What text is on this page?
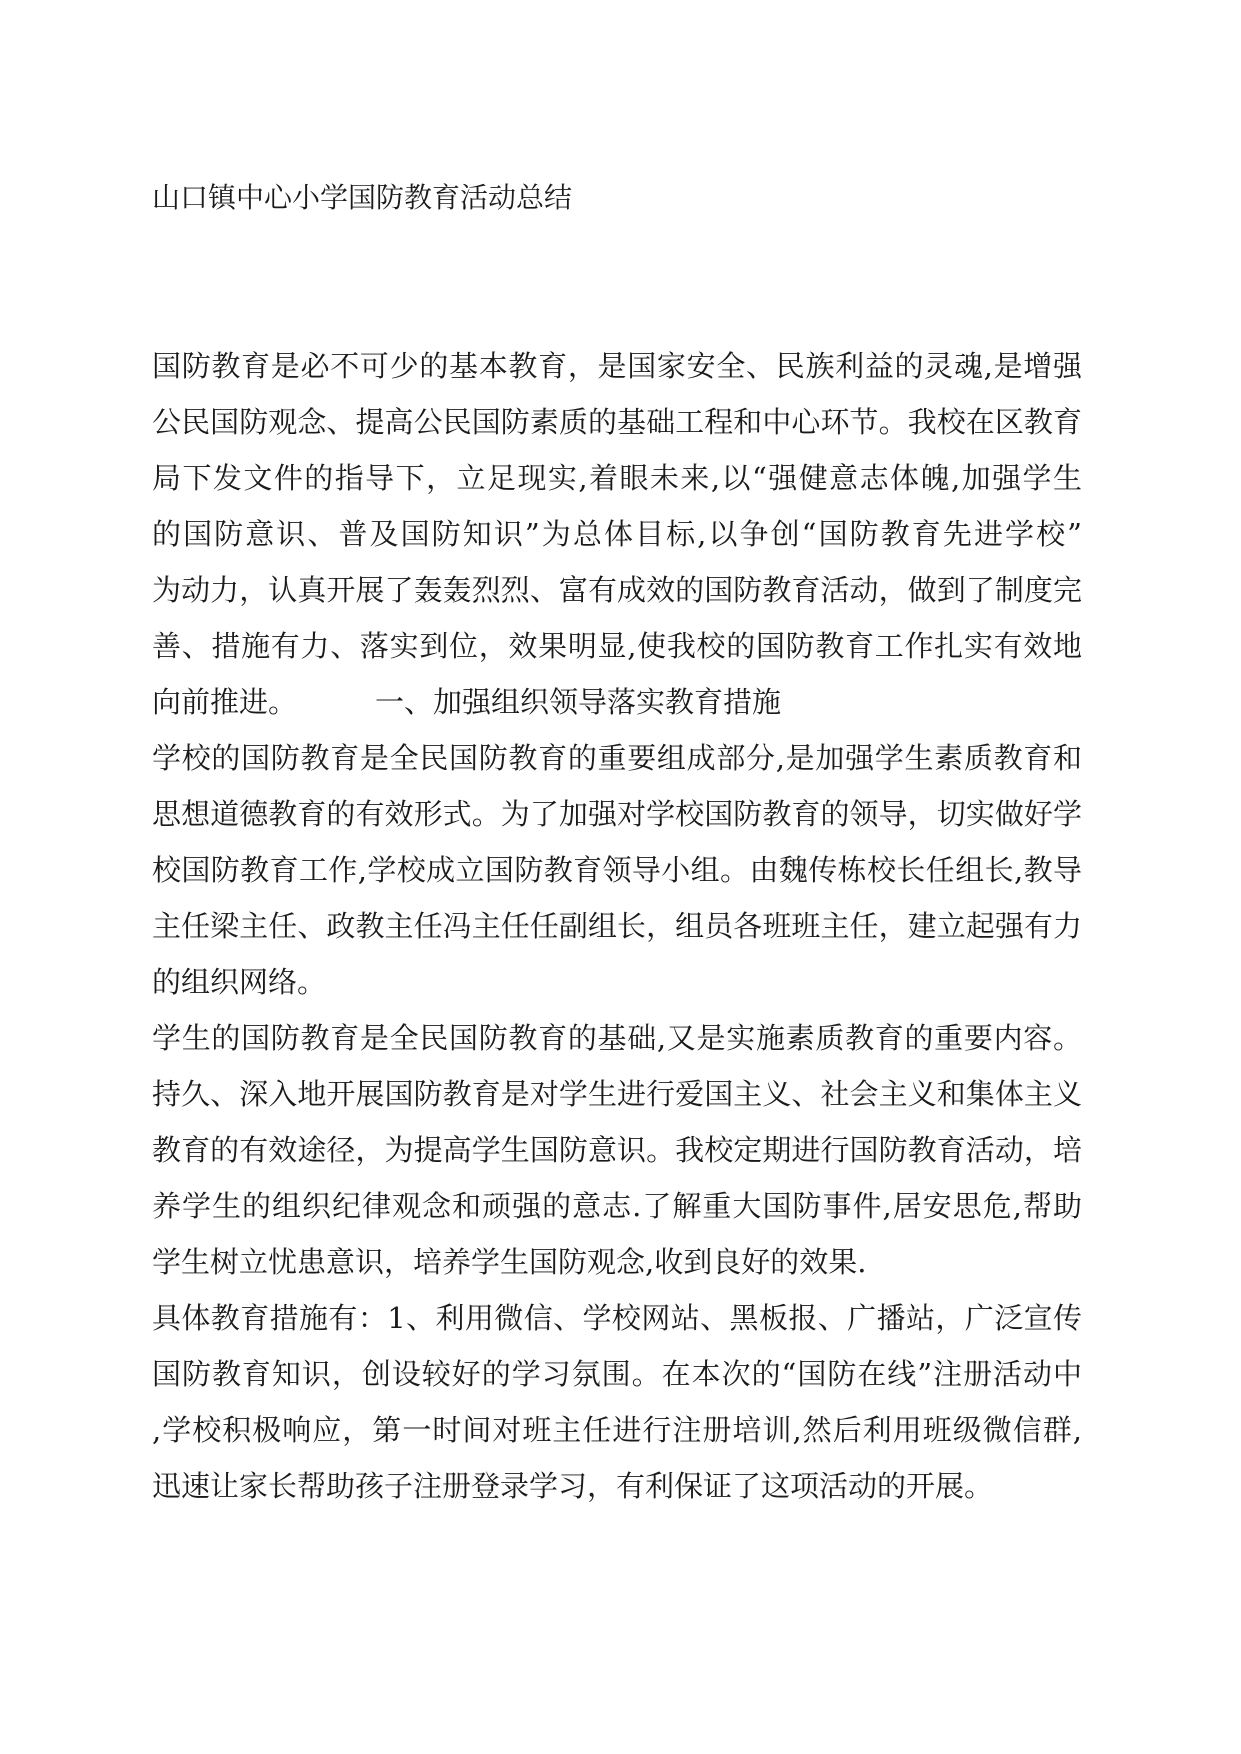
山口镇中心小学国防教育活动总结
国防教育是必不可少的基本教育，是国家安全、民族利益的灵魂,是增强
公民国防观念、提高公民国防素质的基础工程和中心环节。我校在区教育
局下发文件的指导下，立足现实,着眼未来,以“强健意志体魄,加强学生
的国防意识、普及国防知识”为总体目标,以争创“国防教育先进学校”
为动力，认真开展了轰轰烈烈、富有成效的国防教育活动，做到了制度完
善、措施有力、落实到位，效果明显,使我校的国防教育工作扎实有效地
向前推进。	一、加强组织领导落实教育措施
学校的国防教育是全民国防教育的重要组成部分,是加强学生素质教育和
思想道德教育的有效形式。为了加强对学校国防教育的领导，切实做好学
校国防教育工作,学校成立国防教育领导小组。由魏传栋校长任组长,教导
主任梁主任、政教主任冯主任任副组长，组员各班班主任，建立起强有力
的组织网络。
学生的国防教育是全民国防教育的基础,又是实施素质教育的重要内容。
持久、深入地开展国防教育是对学生进行爱国主义、社会主义和集体主义
教育的有效途径，为提高学生国防意识。我校定期进行国防教育活动，培
养学生的组织纪律观念和顽强的意志.了解重大国防事件,居安思危,帮助
学生树立忧患意识，培养学生国防观念,收到良好的效果.
具体教育措施有：1、利用微信、学校网站、黑板报、广播站，广泛宣传
国防教育知识，创设较好的学习氛围。在本次的“国防在线”注册活动中
,学校积极响应，第一时间对班主任进行注册培训,然后利用班级微信群,
迅速让家长帮助孩子注册登录学习，有利保证了这项活动的开展。
